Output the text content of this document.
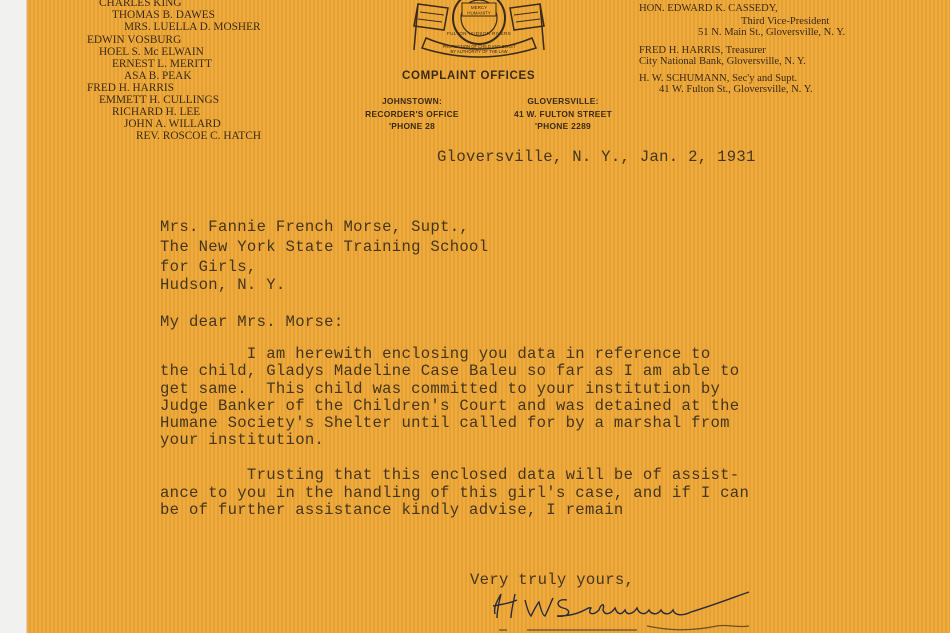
CHARLES KING
THOMAS B. DAWES
MRS. LUELLA D. MOSHER
EDWIN VOSBURG
HOEL S. Mc ELWAIN
ERNEST L. MERITT
ASA B. PEAK
FRED H. HARRIS
EMMETT H. CULLINGS
RICHARD H. LEE
JOHN A. WILLARD
REV. ROSCOE C. HATCH
MERCY
HUMANITY
FULTON·HUDSON·RIVERS
PROTECTION OF CHILD AND BEAST
BY AUTHORITY OF THE LAW
HON. EDWARD K. CASSEDY,
Third Vice-President
51 N. Main St., Gloversville, N. Y.
FRED H. HARRIS, Treasurer
City National Bank, Gloversville, N. Y.
H. W. SCHUMANN, Sec'y and Supt.
41 W. Fulton St., Gloversville, N. Y.
COMPLAINT OFFICES
JOHNSTOWN:
RECORDER'S OFFICE
'PHONE 28
GLOVERSVILLE:
41 W. FULTON STREET
'PHONE 2289
Gloversville, N. Y., Jan. 2, 1931
Mrs. Fannie French Morse, Supt.,
The New York State Training School
for Girls,
Hudson, N. Y.
My dear Mrs. Morse:
I am herewith enclosing you data in reference to
the child, Gladys Madeline Case Baleu so far as I am able to
get same.  This child was committed to your institution by
Judge Banker of the Children's Court and was detained at the
Humane Society's Shelter until called for by a marshal from
your institution.
Trusting that this enclosed data will be of assist-
ance to you in the handling of this girl's case, and if I can
be of further assistance kindly advise, I remain
Very truly yours,
